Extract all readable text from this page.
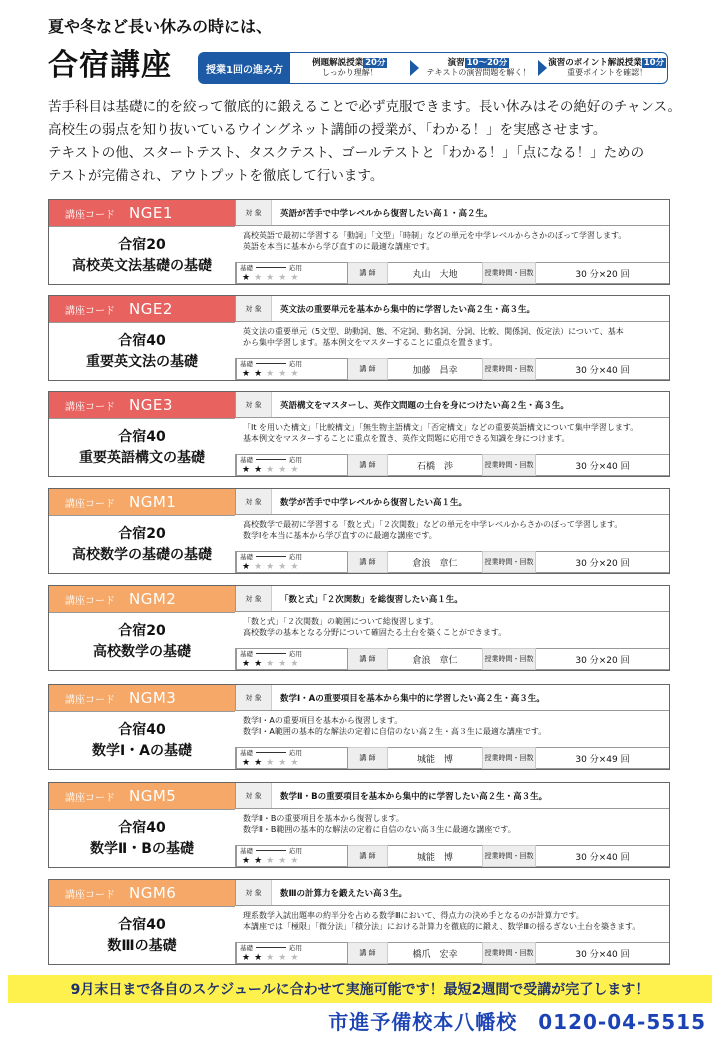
夏や冬など長い休みの時には、
合宿講座	授業1回の進み方
例題解説授業 20分
しっかり理解！
演習 10～20分
テキストの演習問題を解く！
演習のポイント解説授業 10分
重要ポイントを確認！

苦手科目は基礎に的を絞って徹底的に鍛えることで必ず克服できます。長い休みはその絶好のチャンス。

高校生の弱点を知り抜いているウイングネット講師の授業が、「わかる！」を実感させます。

テキストの他、スタートテスト、タスクテスト、ゴールテストと「わかる！」「点になる！」ための

テストが完備され、アウトプットを徹底して行います。

講座コード NGE1
合宿20
高校英文法基礎の基礎
対 象	英語が苦手で中学レベルから復習したい高１・高２生。
高校英語で最初に学習する「動詞」「文型」「時制」などの単元を中学レベルからさかのぼって学習します。
英語を本当に基本から学び直すのに最適な講座です。
基礎	応用
★★★★★	講 師	丸山　大地	授業時間・回数	30 分×20 回
講座コード NGE2
合宿40
重要英文法の基礎
対 象	英文法の重要単元を基本から集中的に学習したい高２生・高３生。
英文法の重要単元（5文型、助動詞、態、不定詞、動名詞、分詞、比較、関係詞、仮定法）について、基本
から集中学習します。基本例文をマスターすることに重点を置きます。
基礎	応用
★★★★★	講 師	加藤　昌幸	授業時間・回数	30 分×40 回
講座コード NGE3
合宿40
重要英語構文の基礎
対 象	英語構文をマスターし、英作文問題の土台を身につけたい高２生・高３生。
「It を用いた構文」「比較構文」「無生物主語構文」「否定構文」などの重要英語構文について集中学習します。
基本例文をマスターすることに重点を置き、英作文問題に応用できる知識を身につけます。
基礎	応用
★★★★★	講 師	石橋　渉	授業時間・回数	30 分×40 回
講座コード NGM1
合宿20
高校数学の基礎の基礎
対 象	数学が苦手で中学レベルから復習したい高１生。
高校数学で最初に学習する「数と式」「２次関数」などの単元を中学レベルからさかのぼって学習します。
数学Ⅰを本当に基本から学び直すのに最適な講座です。
基礎	応用
★★★★★	講 師	倉浪　章仁	授業時間・回数	30 分×20 回
講座コード NGM2
合宿20
高校数学の基礎
対 象	「数と式」「２次関数」を総復習したい高１生。
「数と式」「２次関数」の範囲について総復習します。
高校数学の基本となる分野について確固たる土台を築くことができます。
基礎	応用
★★★★★	講 師	倉浪　章仁	授業時間・回数	30 分×20 回
講座コード NGM3
合宿40
数学Ⅰ・Aの基礎
対 象	数学Ⅰ・Aの重要項目を基本から集中的に学習したい高２生・高３生。
数学Ⅰ・Aの重要項目を基本から復習します。
数学Ⅰ・A範囲の基本的な解法の定着に自信のない高２生・高３生に最適な講座です。
基礎	応用
★★★★★	講 師	城能　博	授業時間・回数	30 分×49 回
講座コード NGM5
合宿40
数学Ⅱ・Bの基礎
対 象	数学Ⅱ・Bの重要項目を基本から集中的に学習したい高２生・高３生。
数学Ⅱ・Bの重要項目を基本から復習します。
数学Ⅱ・B範囲の基本的な解法の定着に自信のない高３生に最適な講座です。
基礎	応用
★★★★★	講 師	城能　博	授業時間・回数	30 分×40 回
講座コード NGM6
合宿40
数Ⅲの基礎
対 象	数Ⅲの計算力を鍛えたい高３生。
理系数学入試出題率の約半分を占める数学Ⅲにおいて、得点力の決め手となるのが計算力です。
本講座では「極限」「微分法」「積分法」における計算力を徹底的に鍛え、数学Ⅲの揺るぎない土台を築きます。
基礎	応用
★★★★★	講 師	橋爪　宏幸	授業時間・回数	30 分×40 回
9月末日まで各自のスケジュールに合わせて実施可能です！最短2週間で受講が完了します！
市進予備校本八幡校　0120-04-5515
